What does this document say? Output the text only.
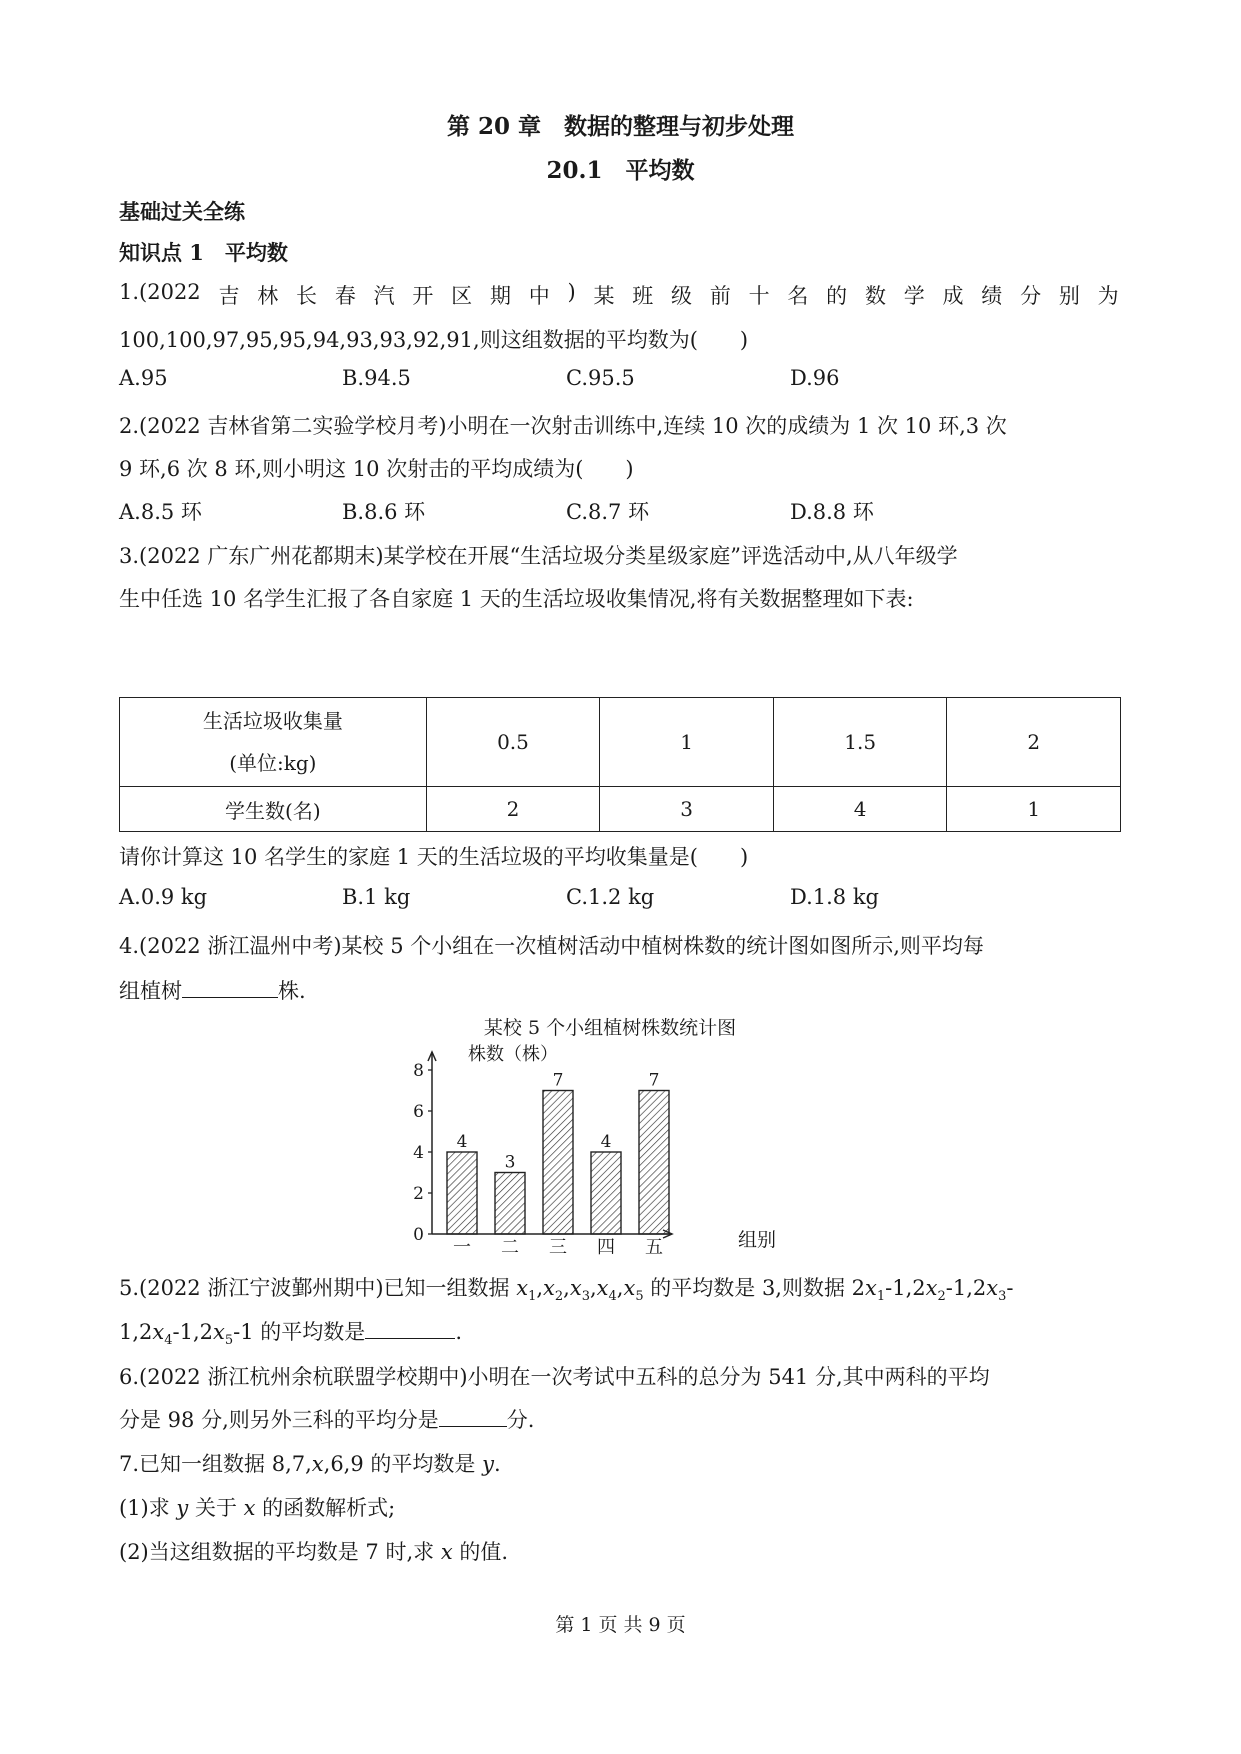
第 20 章　数据的整理与初步处理
20.1　平均数
基础过关全练
知识点 1　平均数
1.(2022 吉 林 长 春 汽 开 区 期 中 ) 某 班 级 前 十 名 的 数 学 成 绩 分 别 为
100,100,97,95,95,94,93,93,92,91,则这组数据的平均数为(　　)
A.95	B.94.5	C.95.5	D.96
2.(2022 吉林省第二实验学校月考)小明在一次射击训练中,连续 10 次的成绩为 1 次 10 环,3 次
9 环,6 次 8 环,则小明这 10 次射击的平均成绩为(　　)
A.8.5 环	B.8.6 环	C.8.7 环	D.8.8 环
3.(2022 广东广州花都期末)某学校在开展“生活垃圾分类星级家庭”评选活动中,从八年级学
生中任选 10 名学生汇报了各自家庭 1 天的生活垃圾收集情况,将有关数据整理如下表:
生活垃圾收集量
(单位:kg)	0.5	1	1.5	2
学生数(名)	2	3	4	1
请你计算这 10 名学生的家庭 1 天的生活垃圾的平均收集量是(　　)
A.0.9 kg	B.1 kg	C.1.2 kg	D.1.8 kg
4.(2022 浙江温州中考)某校 5 个小组在一次植树活动中植树株数的统计图如图所示,则平均每
组植树	株.
某校 5 个小组植树株数统计图
株数（株）
0
2
4
6
8
4
3
7
4
7
一 二 三 四 五	组别
5.(2022 浙江宁波鄞州期中)已知一组数据 $x_1,x_2,x_3,x_4,x_5$ 的平均数是 3,则数据 $2x_1-1,2x_2-1,2x_3-$
$1,2x_4-1,2x_5-1$ 的平均数是	.
6.(2022 浙江杭州余杭联盟学校期中)小明在一次考试中五科的总分为 541 分,其中两科的平均
分是 98 分,则另外三科的平均分是	分.
7.已知一组数据 8,7,x,6,9 的平均数是 y.
(1)求 y 关于 x 的函数解析式;
(2)当这组数据的平均数是 7 时,求 x 的值.
第 1 页 共 9 页
